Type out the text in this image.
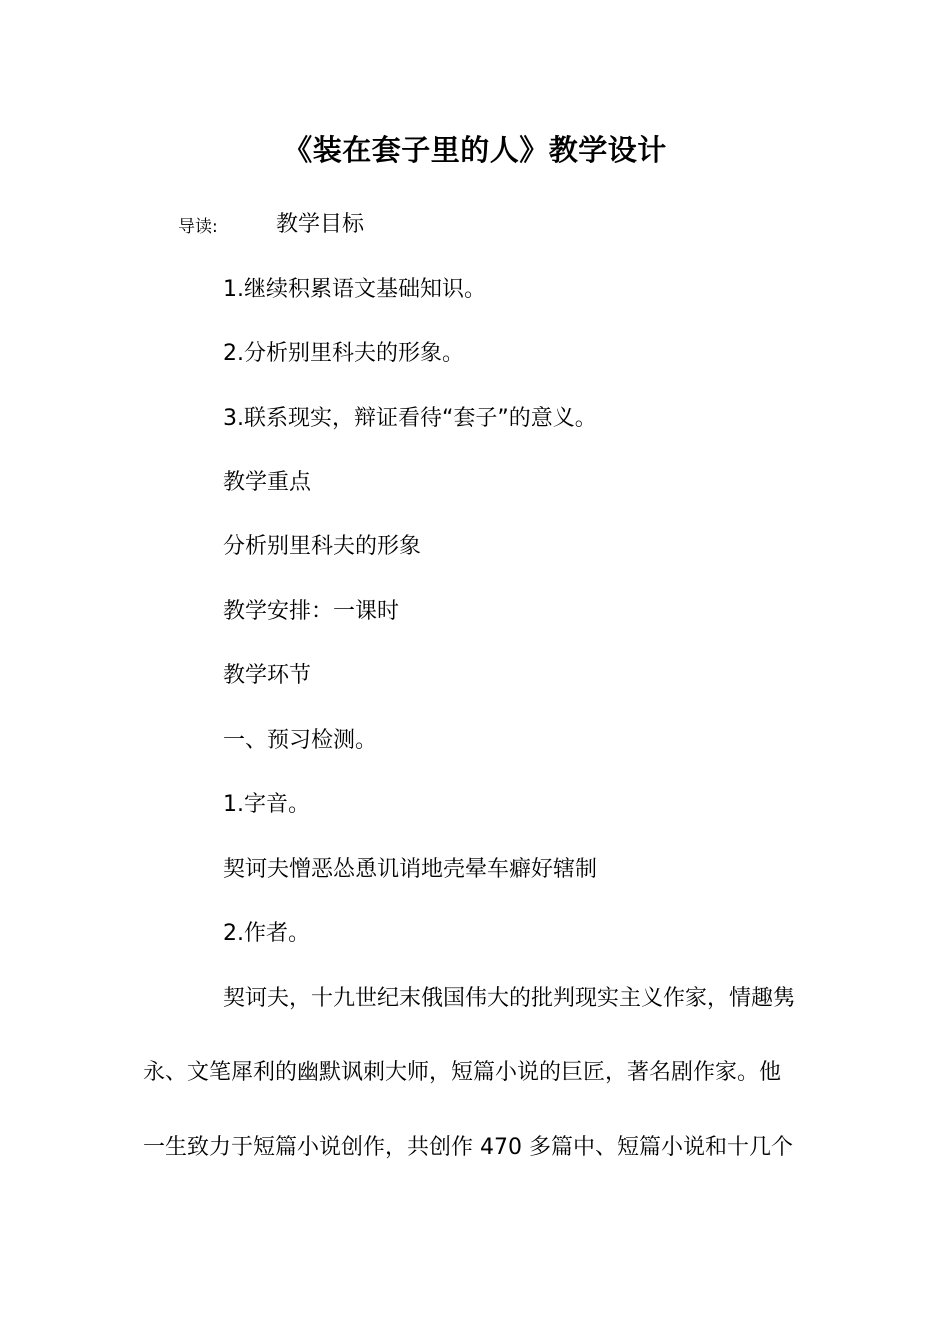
《装在套子里的人》教学设计
导读:	教学目标
1.继续积累语文基础知识。
2.分析别里科夫的形象。
3.联系现实，辩证看待“套子”的意义。
教学重点
分析别里科夫的形象
教学安排：一课时
教学环节
一、预习检测。
1.字音。
契诃夫憎恶怂恿讥诮地壳晕车癖好辖制
2.作者。
契诃夫，十九世纪末俄国伟大的批判现实主义作家，情趣隽
永、文笔犀利的幽默讽刺大师，短篇小说的巨匠，著名剧作家。他
一生致力于短篇小说创作，共创作 470 多篇中、短篇小说和十几个
